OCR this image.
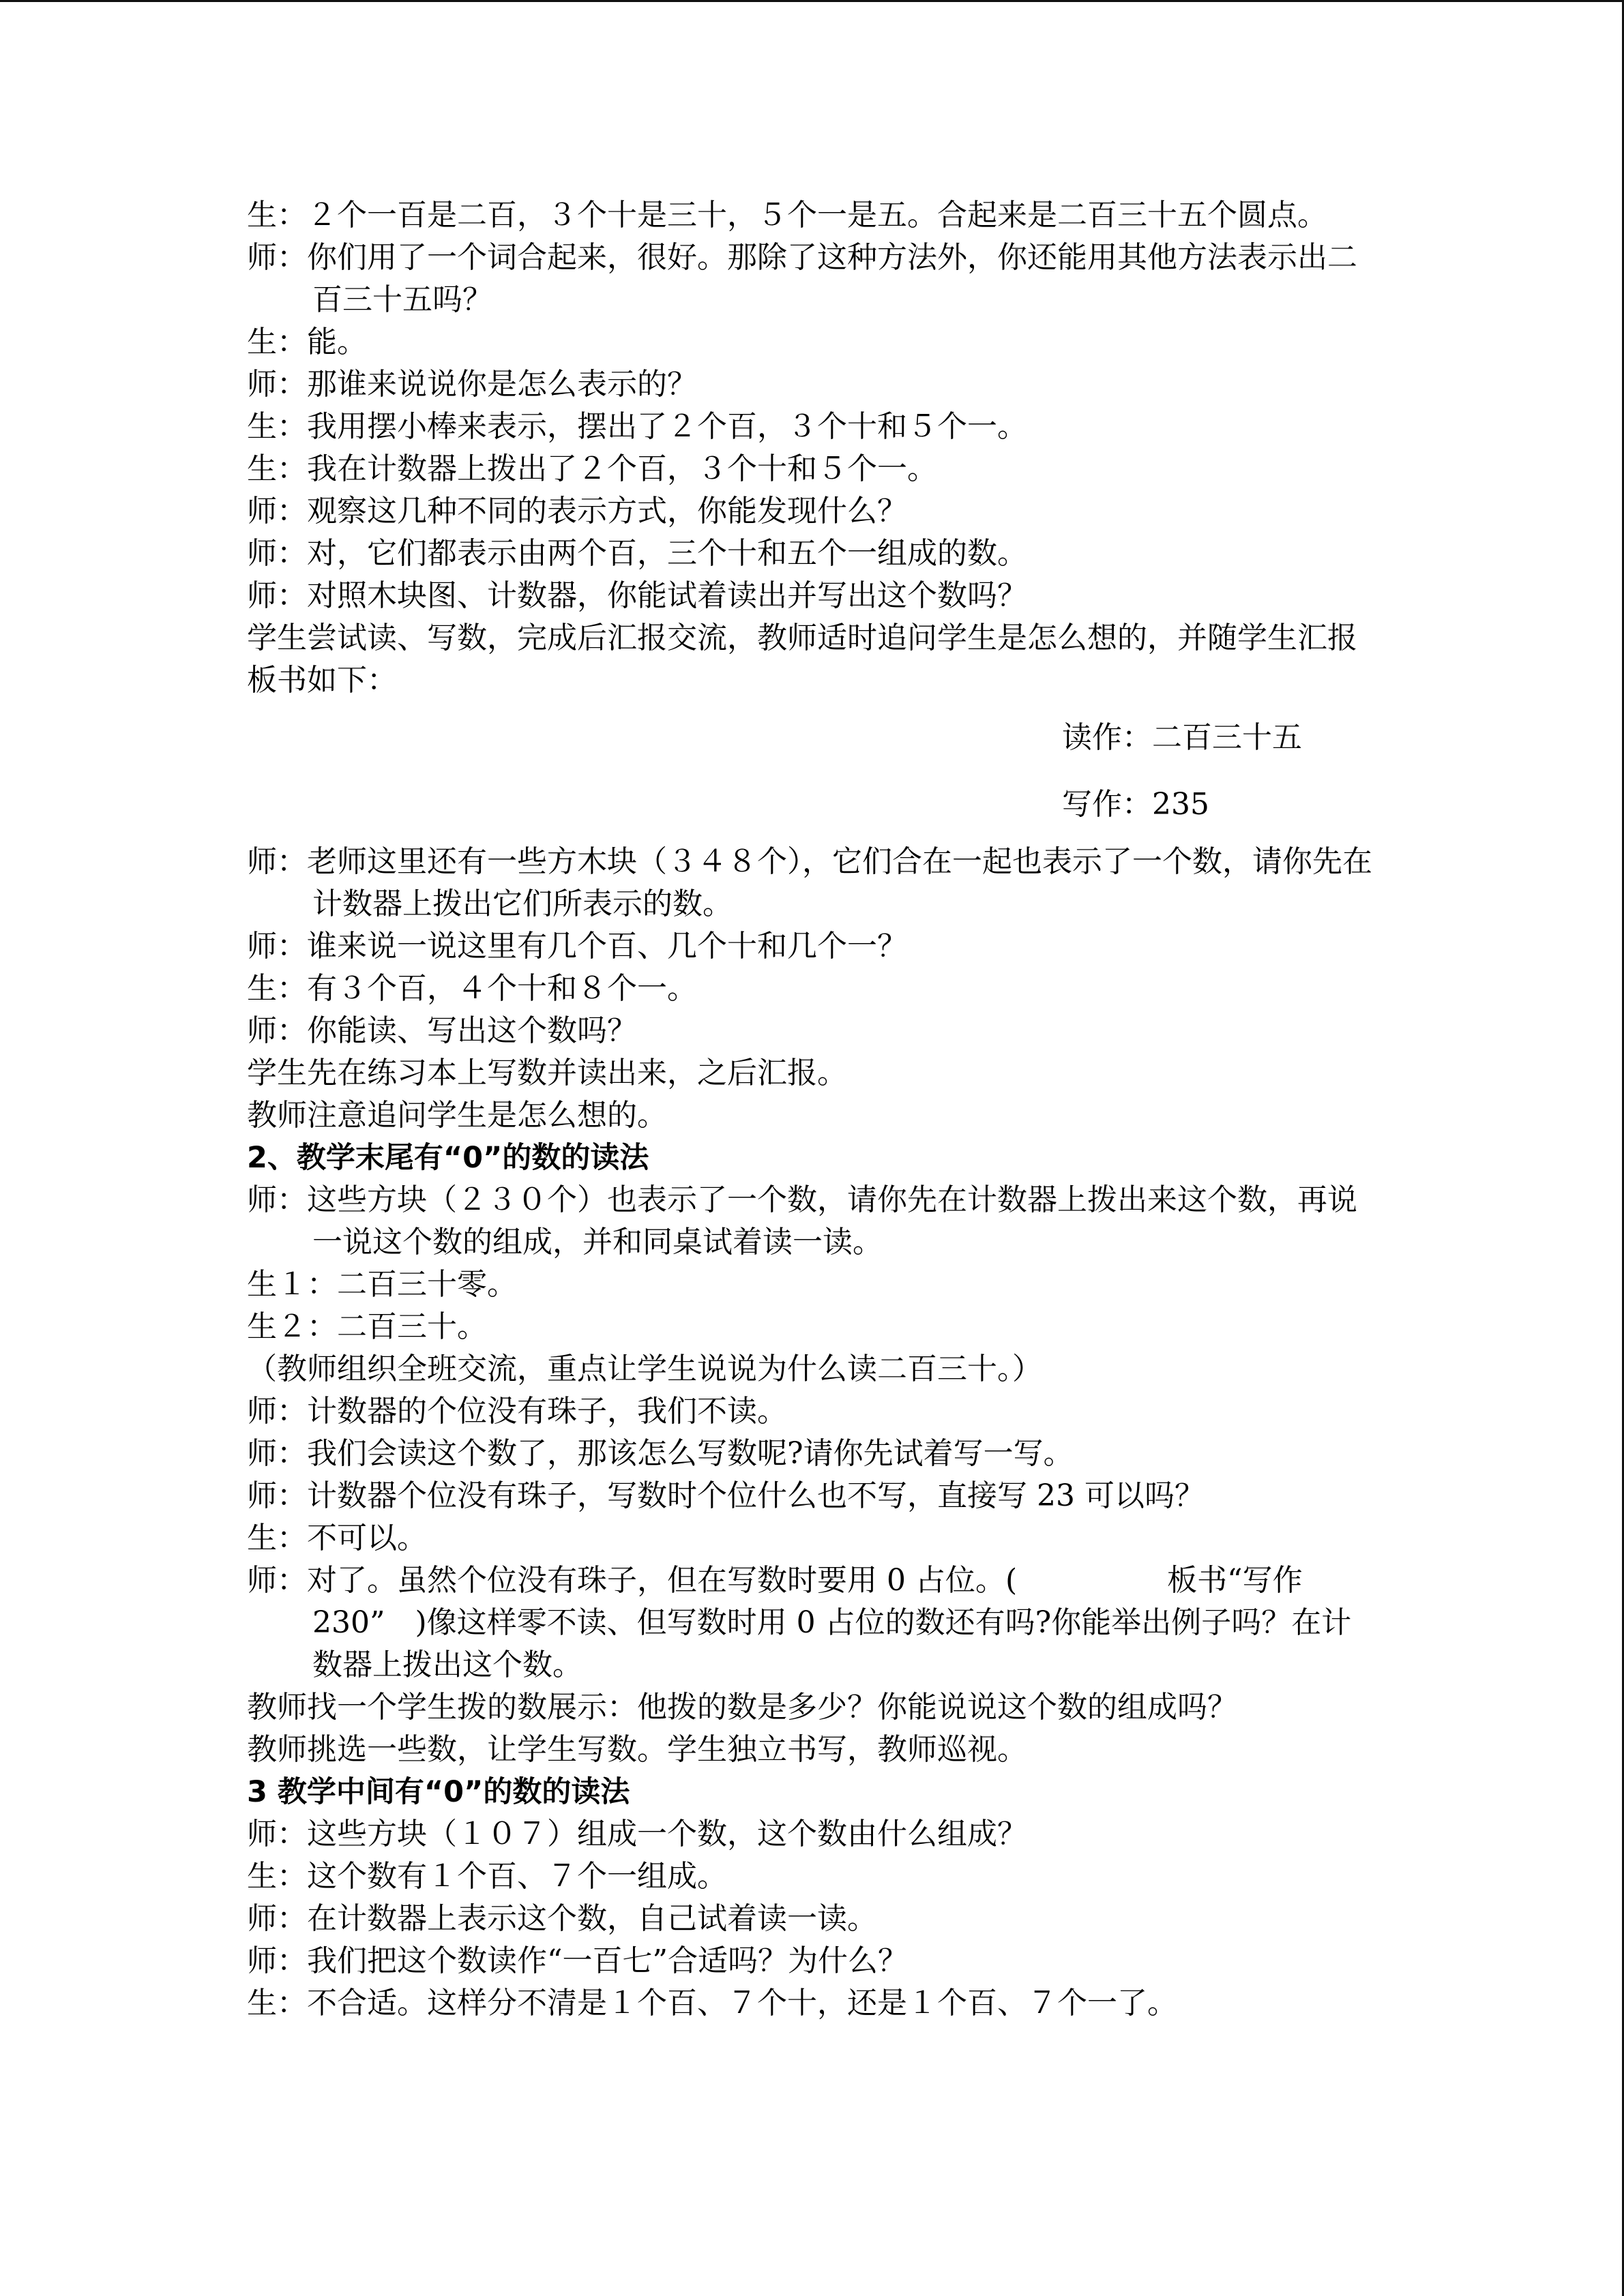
生：２个一百是二百，３个十是三十，５个一是五。合起来是二百三十五个圆点。
师：你们用了一个词合起来，很好。那除了这种方法外，你还能用其他方法表示出二百三十五吗？
生：能。
师：那谁来说说你是怎么表示的？
生：我用摆小棒来表示，摆出了２个百，３个十和５个一。
生：我在计数器上拨出了２个百，３个十和５个一。
师：观察这几种不同的表示方式，你能发现什么？
师：对，它们都表示由两个百，三个十和五个一组成的数。
师：对照木块图、计数器，你能试着读出并写出这个数吗？
学生尝试读、写数，完成后汇报交流，教师适时追问学生是怎么想的，并随学生汇报板书如下：
读作：二百三十五
写作：235
师：老师这里还有一些方木块（３４８个），它们合在一起也表示了一个数，请你先在计数器上拨出它们所表示的数。
师：谁来说一说这里有几个百、几个十和几个一？
生：有３个百，４个十和８个一。
师：你能读、写出这个数吗？
学生先在练习本上写数并读出来，之后汇报。
教师注意追问学生是怎么想的。
2、教学末尾有“0”的数的读法
师：这些方块（２３０个）也表示了一个数，请你先在计数器上拨出来这个数，再说一说这个数的组成，并和同桌试着读一读。
生１：二百三十零。
生２：二百三十。
（教师组织全班交流，重点让学生说说为什么读二百三十。）
师：计数器的个位没有珠子，我们不读。
师：我们会读这个数了，那该怎么写数呢?请你先试着写一写。
师：计数器个位没有珠子，写数时个位什么也不写，直接写 23 可以吗？
生：不可以。
师：对了。虽然个位没有珠子，但在写数时要用 0 占位。(　　　　　板书“写作 230”　)像这样零不读、但写数时用 0 占位的数还有吗?你能举出例子吗？在计数器上拨出这个数。
教师找一个学生拨的数展示：他拨的数是多少？你能说说这个数的组成吗？
教师挑选一些数，让学生写数。学生独立书写，教师巡视。
3 教学中间有“0”的数的读法
师：这些方块（１０７）组成一个数，这个数由什么组成？
生：这个数有１个百、７个一组成。
师：在计数器上表示这个数，自己试着读一读。
师：我们把这个数读作“一百七”合适吗？为什么？
生：不合适。这样分不清是１个百、７个十，还是１个百、７个一了。
